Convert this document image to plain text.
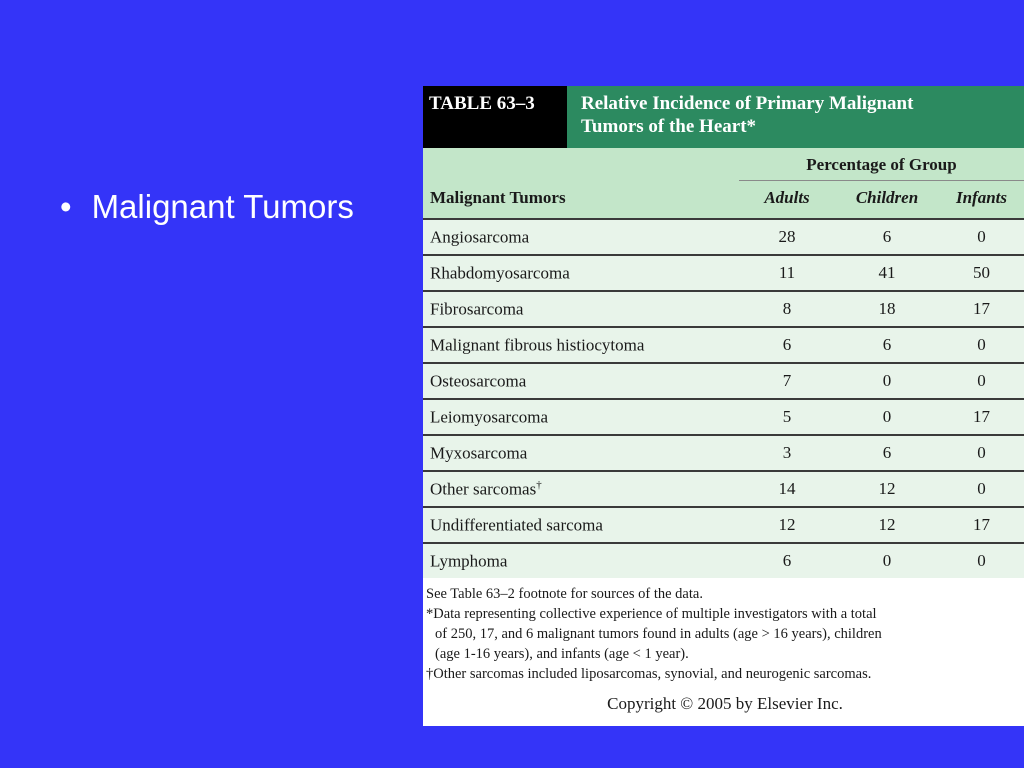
• Malignant Tumors
TABLE 63–3	Relative Incidence of Primary Malignant
Tumors of the Heart*
Percentage of Group
Malignant Tumors	Adults	Children	Infants
Angiosarcoma	28	6	0
Rhabdomyosarcoma	11	41	50
Fibrosarcoma	8	18	17
Malignant fibrous histiocytoma	6	6	0
Osteosarcoma	7	0	0
Leiomyosarcoma	5	0	17
Myxosarcoma	3	6	0
Other sarcomas†	14	12	0
Undifferentiated sarcoma	12	12	17
Lymphoma	6	0	0
See Table 63–2 footnote for sources of the data.
*Data representing collective experience of multiple investigators with a total
of 250, 17, and 6 malignant tumors found in adults (age > 16 years), children
(age 1-16 years), and infants (age < 1 year).
†Other sarcomas included liposarcomas, synovial, and neurogenic sarcomas.
Copyright © 2005 by Elsevier Inc.
